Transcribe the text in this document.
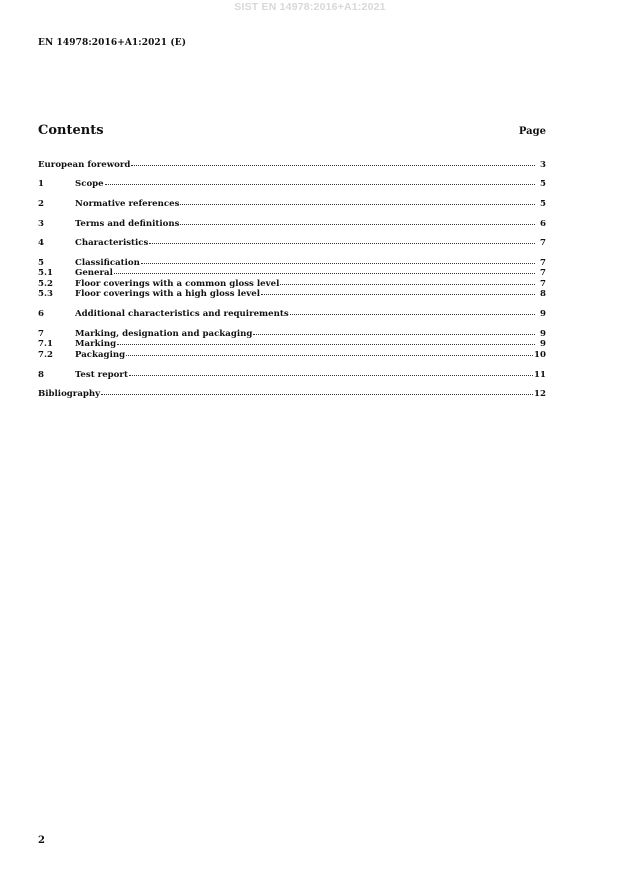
SIST EN 14978:2016+A1:2021
EN 14978:2016+A1:2021 (E)
Contents	Page
European foreword	3
1	Scope	5
2	Normative references	5
3	Terms and definitions	6
4	Characteristics	7
5	Classification	7
5.1	General	7
5.2	Floor coverings with a common gloss level	7
5.3	Floor coverings with a high gloss level	8
6	Additional characteristics and requirements	9
7	Marking, designation and packaging	9
7.1	Marking	9
7.2	Packaging	10
8	Test report	11
Bibliography	12
2
